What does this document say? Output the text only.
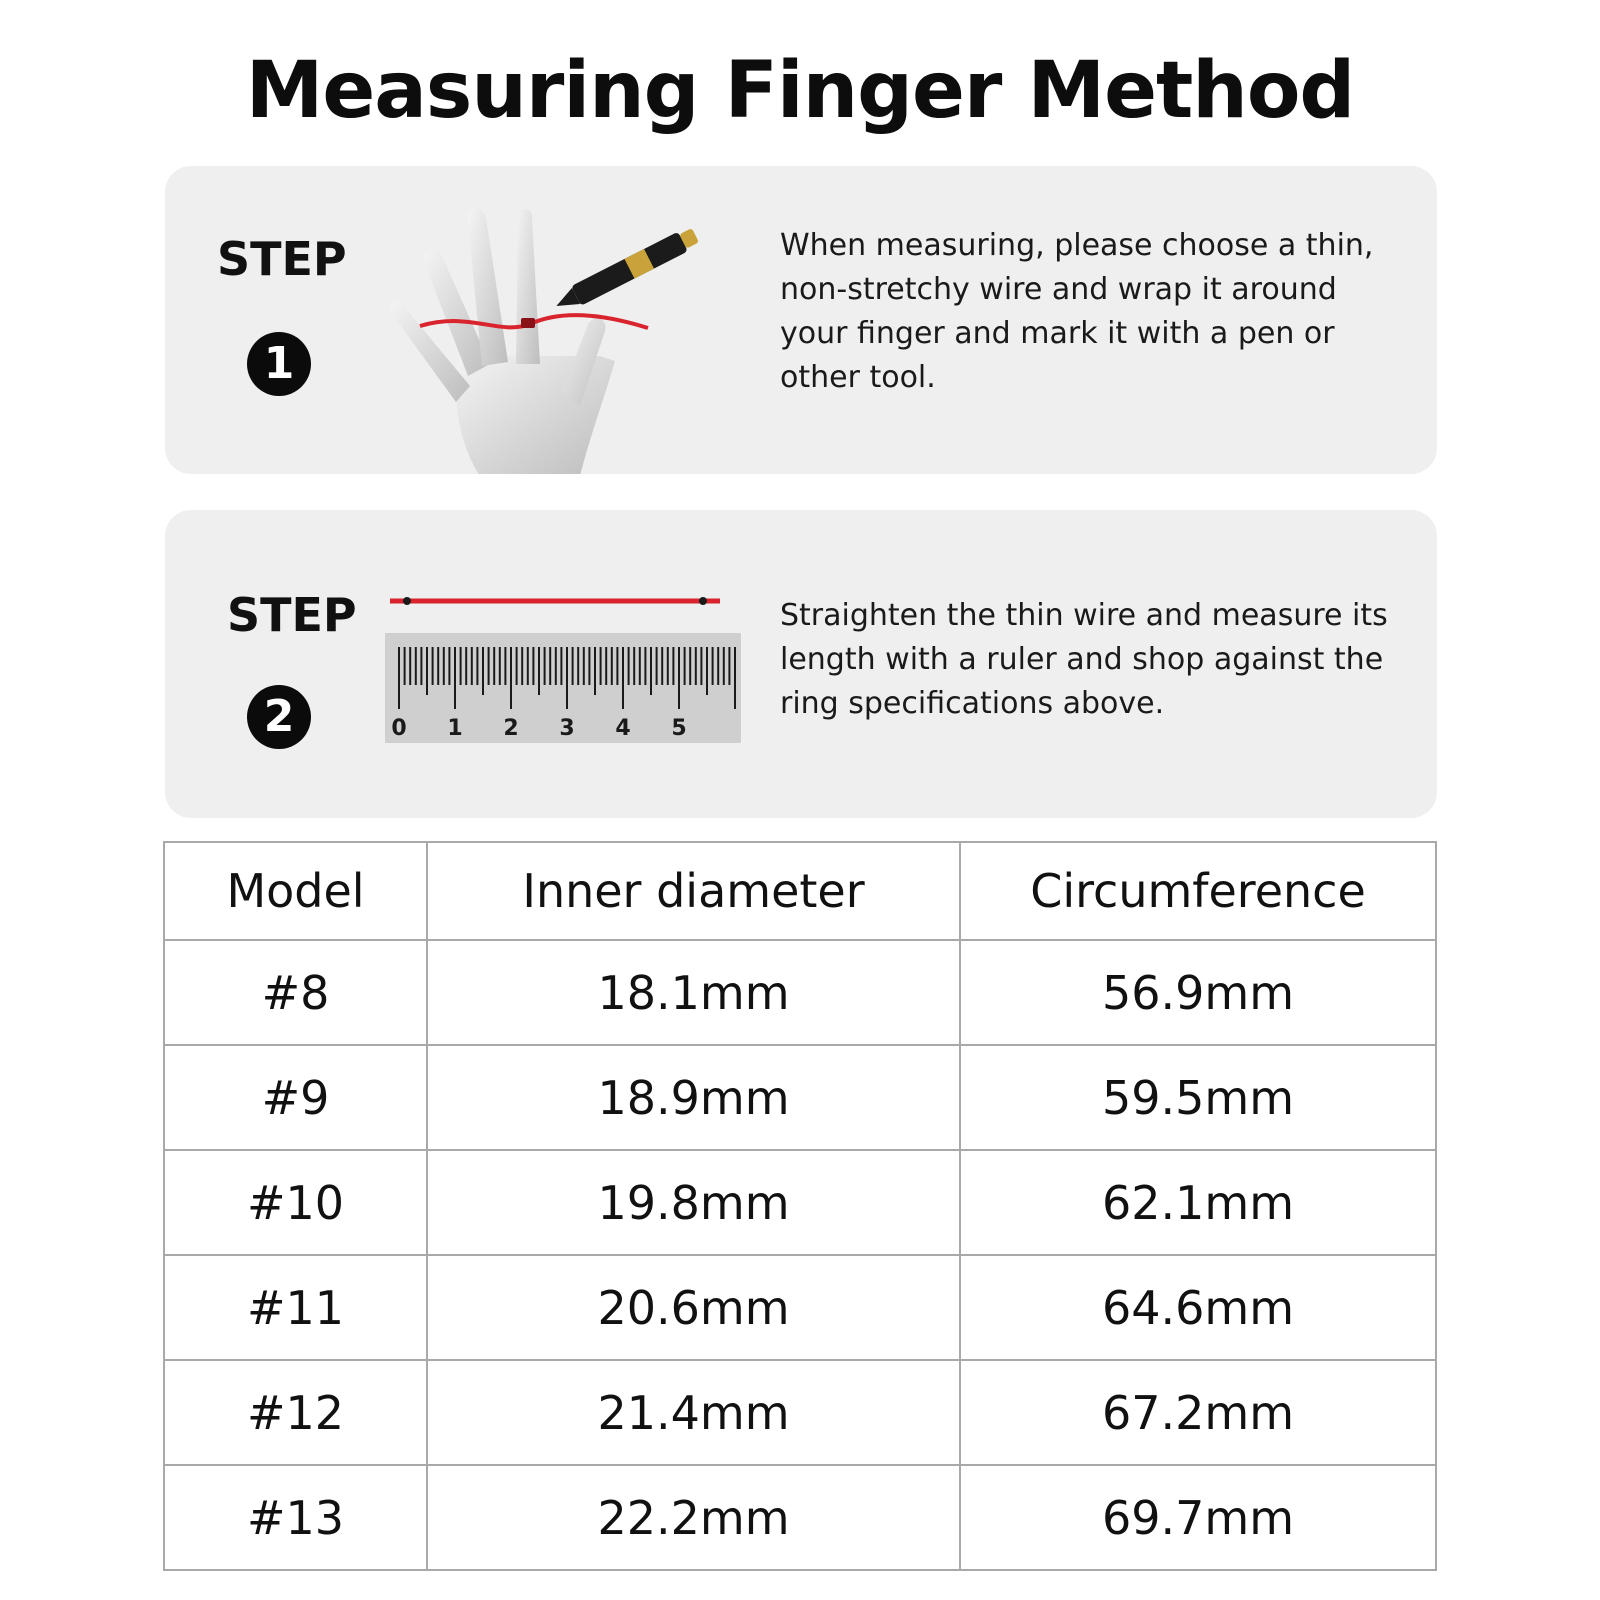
Measuring Finger Method
STEP
1
When measuring, please choose a thin, non-stretchy wire and wrap it around your finger and mark it with a pen or other tool.
STEP
2	0 1 2 3 4 5
Straighten the thin wire and measure its length with a ruler and shop against the ring specifications above.
Model	Inner diameter	Circumference
#8	18.1mm	56.9mm
#9	18.9mm	59.5mm
#10	19.8mm	62.1mm
#11	20.6mm	64.6mm
#12	21.4mm	67.2mm
#13	22.2mm	69.7mm
